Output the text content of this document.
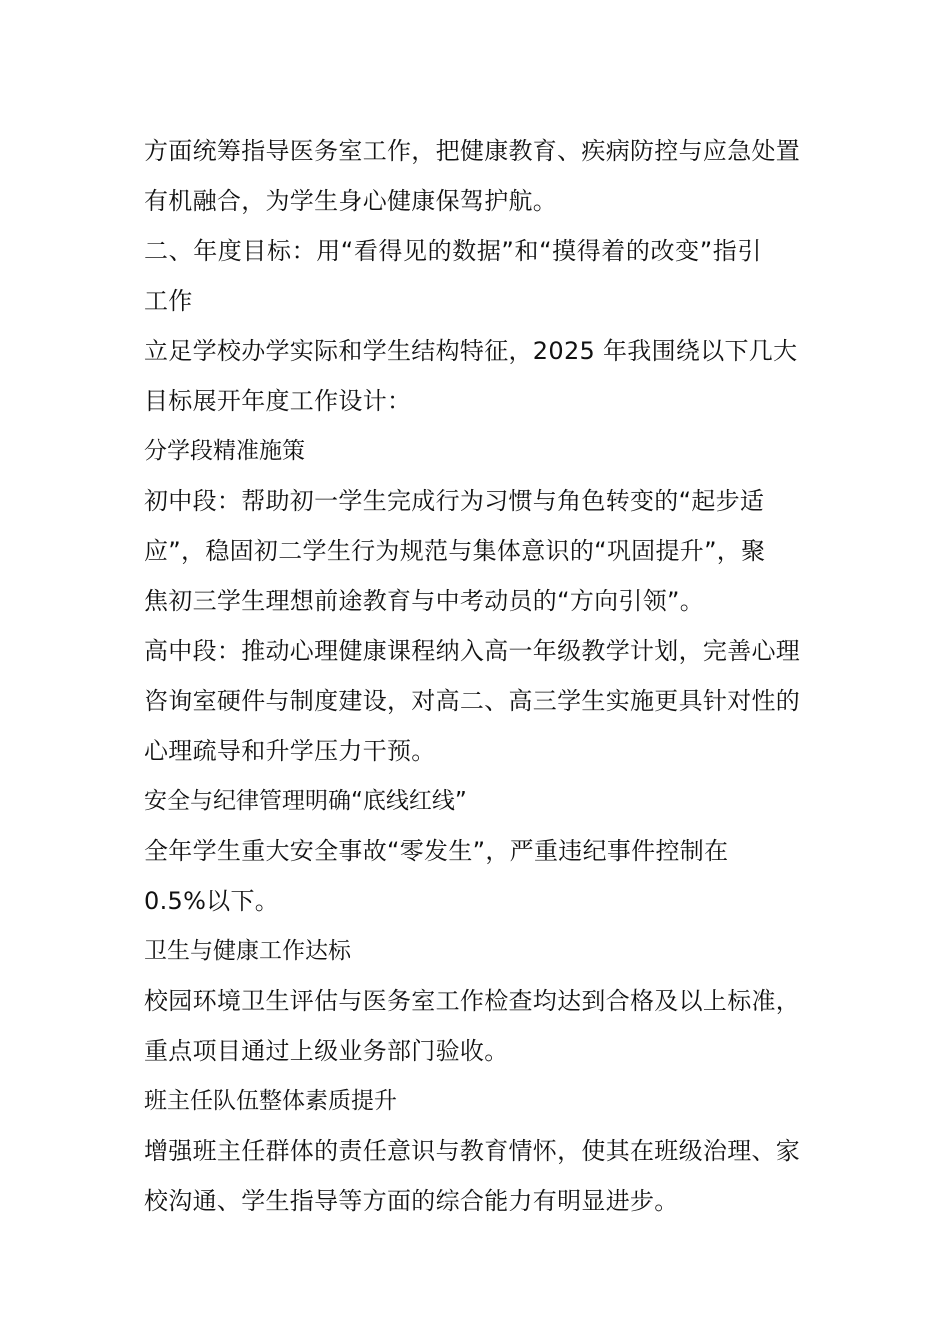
方面统筹指导医务室工作，把健康教育、疾病防控与应急处置
有机融合，为学生身心健康保驾护航。
二、年度目标：用“看得见的数据”和“摸得着的改变”指引
工作
立足学校办学实际和学生结构特征，2025 年我围绕以下几大
目标展开年度工作设计：
分学段精准施策
初中段：帮助初一学生完成行为习惯与角色转变的“起步适
应”，稳固初二学生行为规范与集体意识的“巩固提升”，聚
焦初三学生理想前途教育与中考动员的“方向引领”。
高中段：推动心理健康课程纳入高一年级教学计划，完善心理
咨询室硬件与制度建设，对高二、高三学生实施更具针对性的
心理疏导和升学压力干预。
安全与纪律管理明确“底线红线”
全年学生重大安全事故“零发生”，严重违纪事件控制在
0.5%以下。
卫生与健康工作达标
校园环境卫生评估与医务室工作检查均达到合格及以上标准，
重点项目通过上级业务部门验收。
班主任队伍整体素质提升
增强班主任群体的责任意识与教育情怀，使其在班级治理、家
校沟通、学生指导等方面的综合能力有明显进步。
